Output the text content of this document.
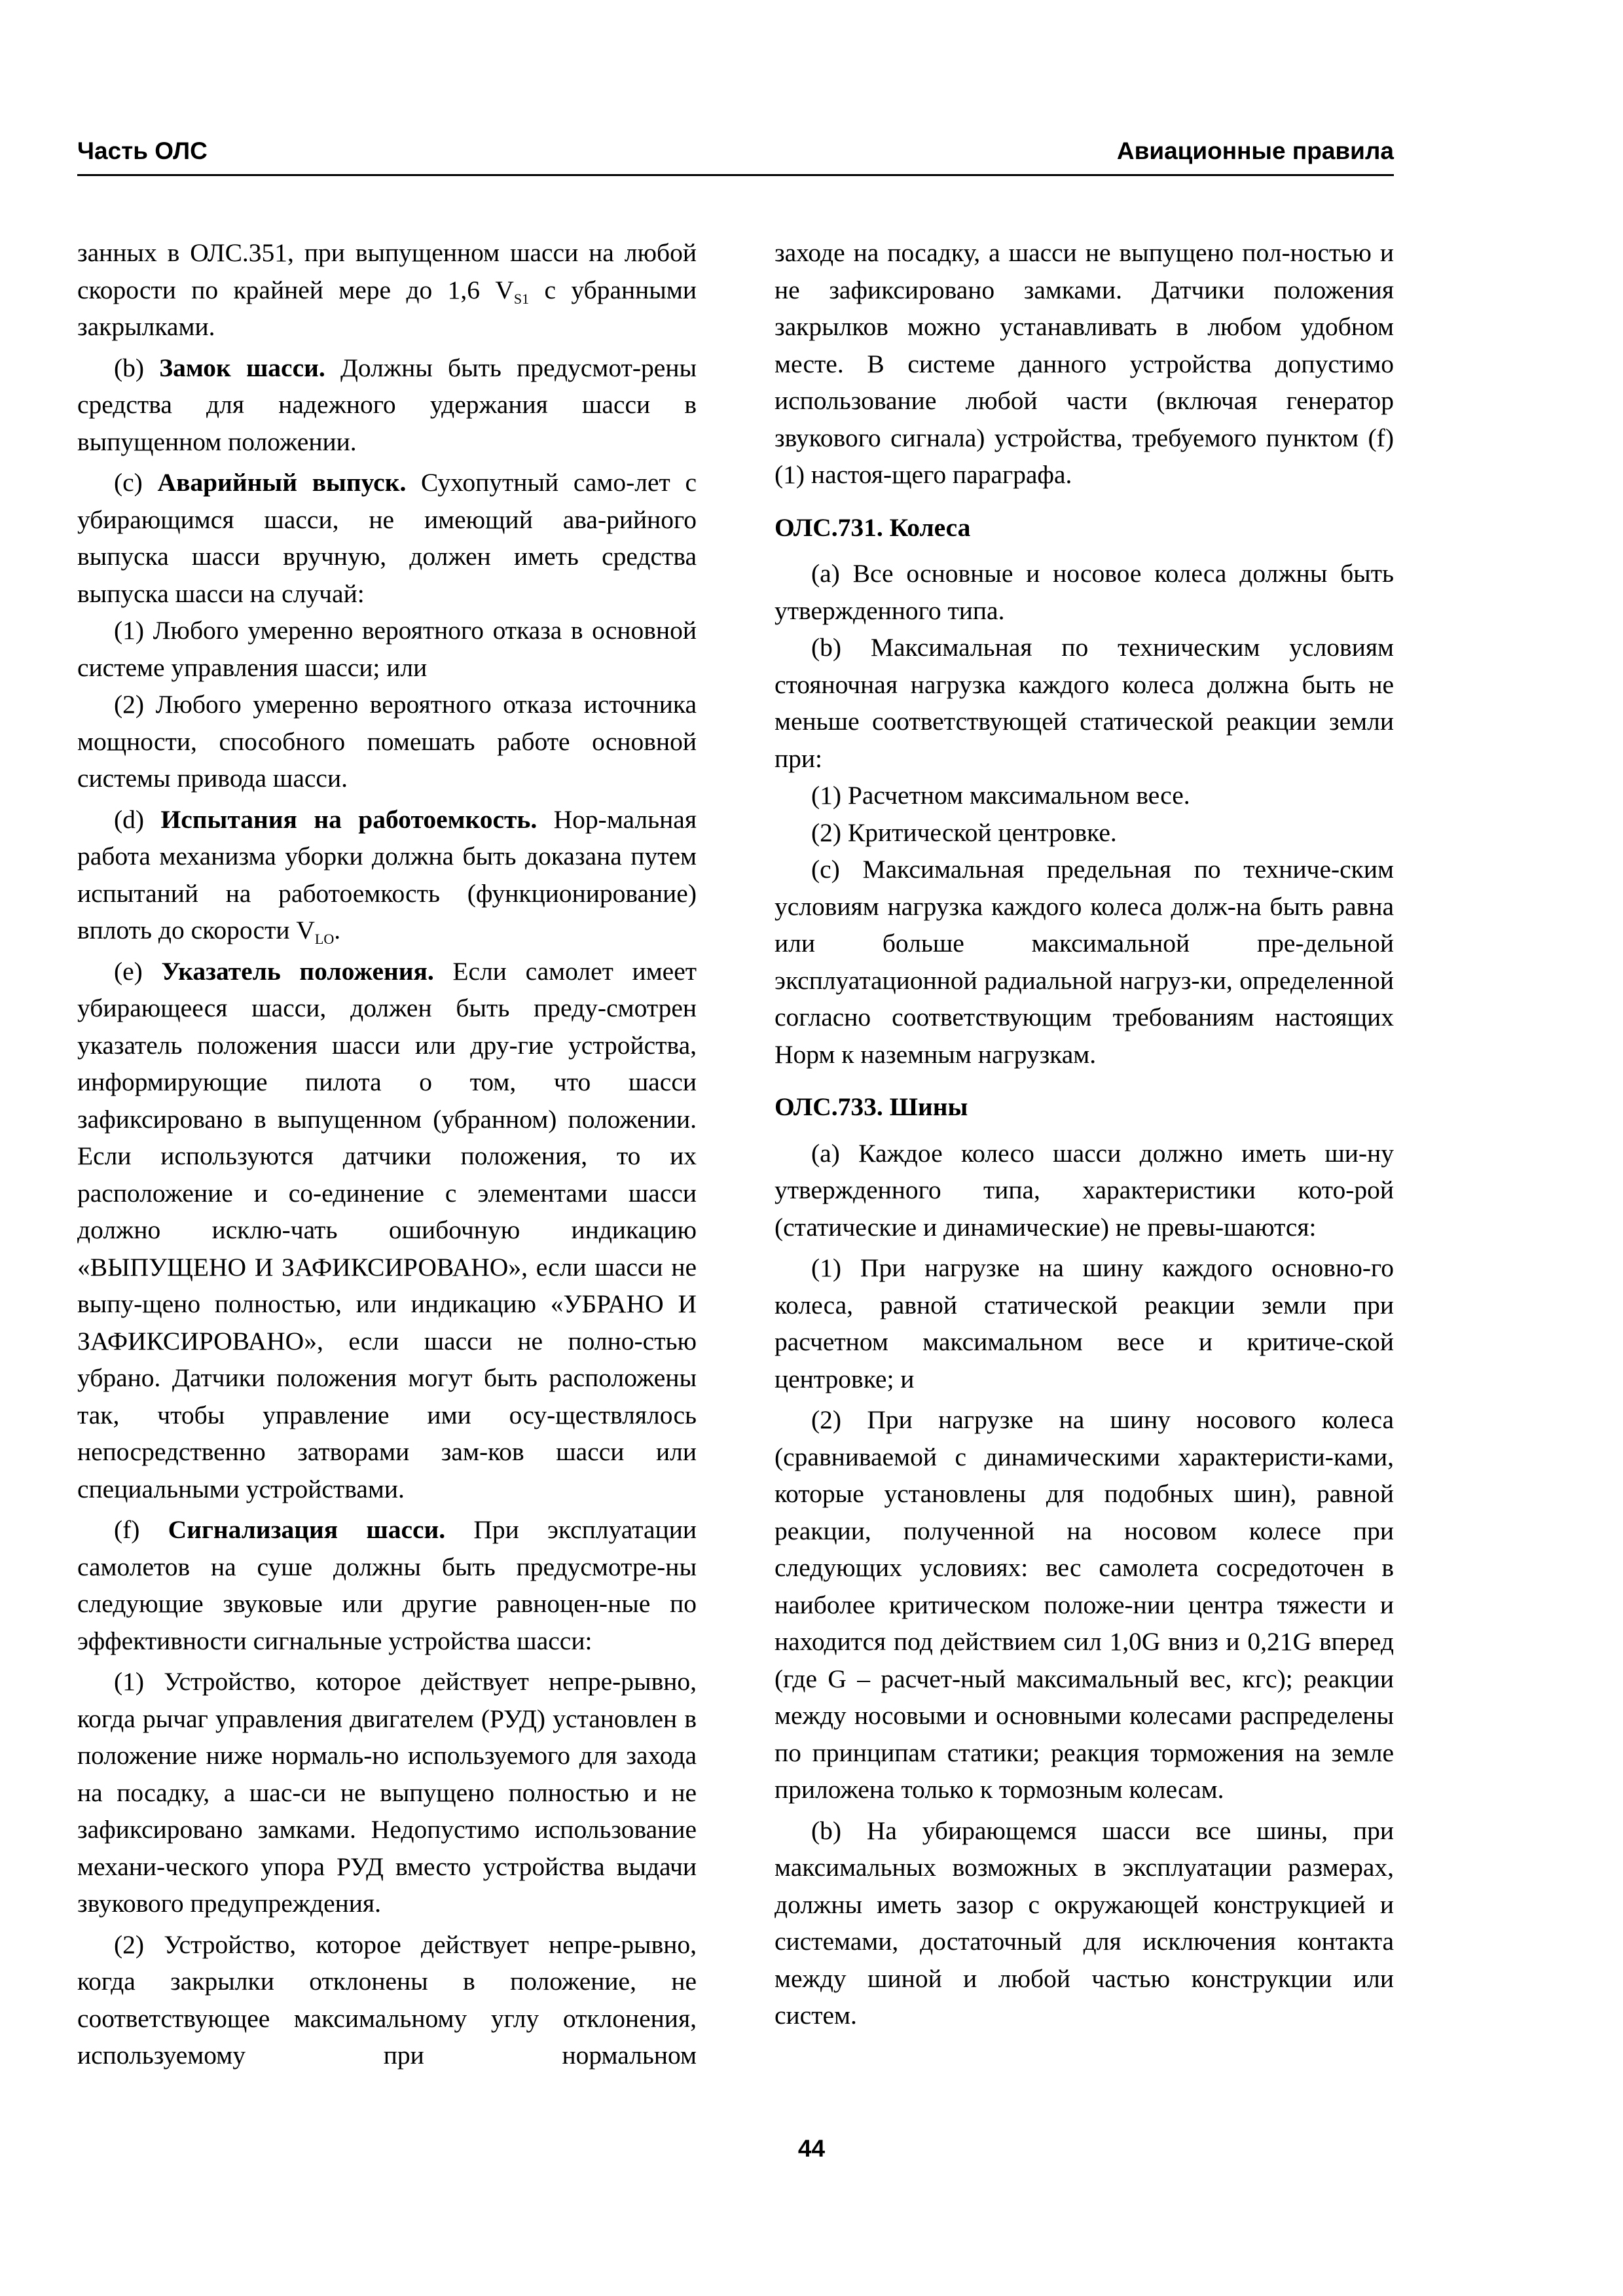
Часть ОЛС	Авиационные правила

занных в ОЛС.351, при выпущенном шасси на любой скорости по крайней мере до 1,6 $V_{S1}$ с убранными закрылками.

(b) Замок шасси. Должны быть предусмот-рены средства для надежного удержания шасси в выпущенном положении.

(c) Аварийный выпуск. Сухопутный само-лет с убирающимся шасси, не имеющий ава-рийного выпуска шасси вручную, должен иметь средства выпуска шасси на случай:

(1) Любого умеренно вероятного отказа в основной системе управления шасси; или

(2) Любого умеренно вероятного отказа источника мощности, способного помешать работе основной системы привода шасси.

(d) Испытания на работоемкость. Нор-мальная работа механизма уборки должна быть доказана путем испытаний на работоемкость (функционирование) вплоть до скорости $V_{LO}$.

(e) Указатель положения. Если самолет имеет убирающееся шасси, должен быть преду-смотрен указатель положения шасси или дру-гие устройства, информирующие пилота о том, что шасси зафиксировано в выпущенном (убранном) положении. Если используются датчики положения, то их расположение и со-единение с элементами шасси должно исклю-чать ошибочную индикацию «ВЫПУЩЕНО И ЗАФИКСИРОВАНО», если шасси не выпу-щено полностью, или индикацию «УБРАНО И ЗАФИКСИРОВАНО», если шасси не полно-стью убрано. Датчики положения могут быть расположены так, чтобы управление ими осу-ществлялось непосредственно затворами зам-ков шасси или специальными устройствами.

(f) Сигнализация шасси. При эксплуатации самолетов на суше должны быть предусмотре-ны следующие звуковые или другие равноцен-ные по эффективности сигнальные устройства шасси:

(1) Устройство, которое действует непре-рывно, когда рычаг управления двигателем (РУД) установлен в положение ниже нормаль-но используемого для захода на посадку, а шас-си не выпущено полностью и не зафиксировано замками. Недопустимо использование механи-ческого упора РУД вместо устройства выдачи звукового предупреждения.

(2) Устройство, которое действует непре-рывно, когда закрылки отклонены в положение, не соответствующее максимальному углу отклонения, используемому при нормальном

заходе на посадку, а шасси не выпущено пол-ностью и не зафиксировано замками. Датчики положения закрылков можно устанавливать в любом удобном месте. В системе данного устройства допустимо использование любой части (включая генератор звукового сигнала) устройства, требуемого пунктом (f)(1) настоя-щего параграфа.

ОЛС.731. Колеса

(a) Все основные и носовое колеса должны быть утвержденного типа.

(b) Максимальная по техническим условиям стояночная нагрузка каждого колеса должна быть не меньше соответствующей статической реакции земли при:

(1) Расчетном максимальном весе.

(2) Критической центровке.

(c) Максимальная предельная по техниче-ским условиям нагрузка каждого колеса долж-на быть равна или больше максимальной пре-дельной эксплуатационной радиальной нагруз-ки, определенной согласно соответствующим требованиям настоящих Норм к наземным нагрузкам.

ОЛС.733. Шины

(a) Каждое колесо шасси должно иметь ши-ну утвержденного типа, характеристики кото-рой (статические и динамические) не превы-шаются:

(1) При нагрузке на шину каждого основно-го колеса, равной статической реакции земли при расчетном максимальном весе и критиче-ской центровке; и

(2) При нагрузке на шину носового колеса (сравниваемой с динамическими характеристи-ками, которые установлены для подобных шин), равной реакции, полученной на носовом колесе при следующих условиях: вес самолета сосредоточен в наиболее критическом положе-нии центра тяжести и находится под действием сил 1,0G вниз и 0,21G вперед (где G – расчет-ный максимальный вес, кгс); реакции между носовыми и основными колесами распределены по принципам статики; реакция торможения на земле приложена только к тормозным колесам.

(b) На убирающемся шасси все шины, при максимальных возможных в эксплуатации размерах, должны иметь зазор с окружающей конструкцией и системами, достаточный для исключения контакта между шиной и любой частью конструкции или систем.

44
